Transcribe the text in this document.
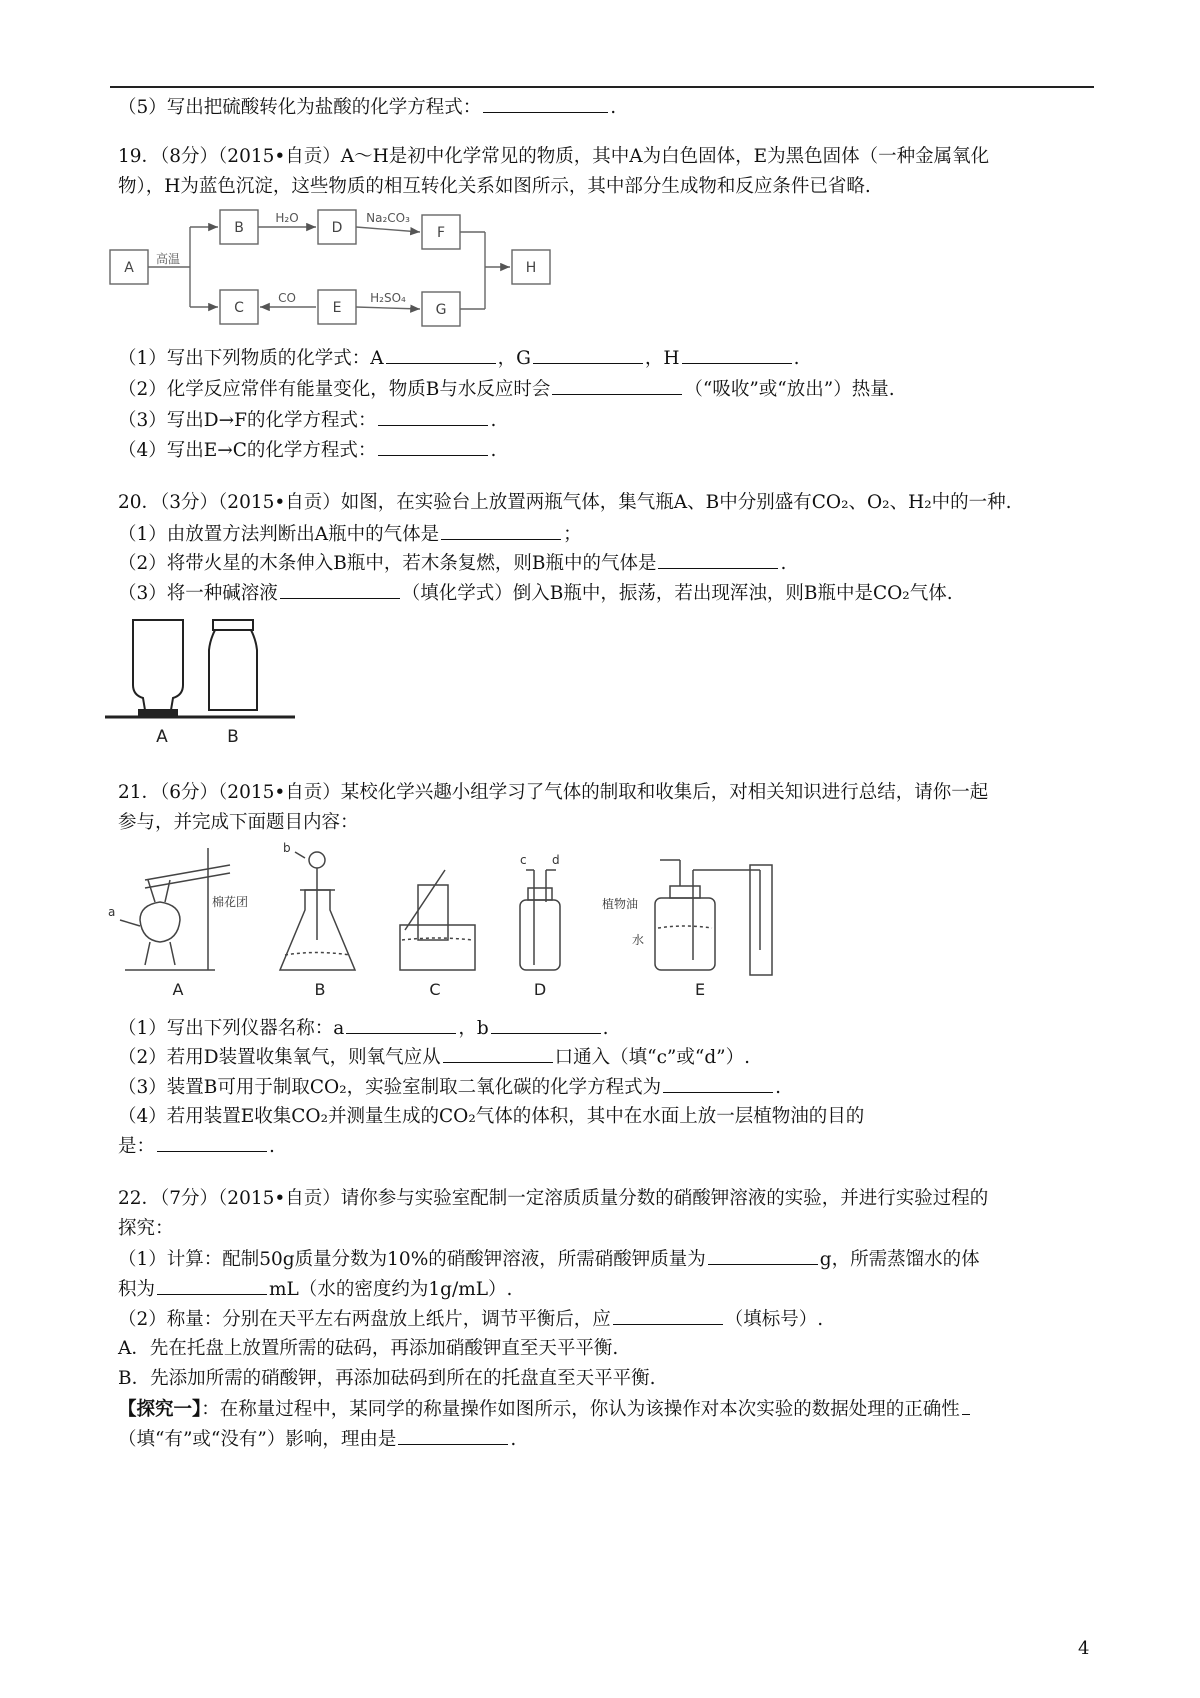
（5）写出把硫酸转化为盐酸的化学方程式：	.
19．（8分）（2015•自贡）A～H是初中化学常见的物质，其中A为白色固体，E为黑色固体（一种金属氧化
物），H为蓝色沉淀，这些物质的相互转化关系如图所示，其中部分生成物和反应条件已省略.
A
B
C
D
E
F
G
H
高温
H₂O	Na₂CO₃
CO	H₂SO₄
（1）写出下列物质的化学式：A	，G	，H	.
（2）化学反应常伴有能量变化，物质B与水反应时会	（“吸收”或“放出”）热量.
（3）写出D→F的化学方程式：	.
（4）写出E→C的化学方程式：	.
20．（3分）（2015•自贡）如图，在实验台上放置两瓶气体，集气瓶A、B中分别盛有CO₂、O₂、H₂中的一种.
（1）由放置方法判断出A瓶中的气体是	；
（2）将带火星的木条伸入B瓶中，若木条复燃，则B瓶中的气体是	.
（3）将一种碱溶液	（填化学式）倒入B瓶中，振荡，若出现浑浊，则B瓶中是CO₂气体.
A	B
21．（6分）（2015•自贡）某校化学兴趣小组学习了气体的制取和收集后，对相关知识进行总结，请你一起
参与，并完成下面题目内容：
a
b
c d
棉花团	植物油
水
A	B	C	D	E
（1）写出下列仪器名称：a	，b	.
（2）若用D装置收集氧气，则氧气应从	口通入（填“c”或“d”）.
（3）装置B可用于制取CO₂，实验室制取二氧化碳的化学方程式为	.
（4）若用装置E收集CO₂并测量生成的CO₂气体的体积，其中在水面上放一层植物油的目的
是：	.
22．（7分）（2015•自贡）请你参与实验室配制一定溶质质量分数的硝酸钾溶液的实验，并进行实验过程的
探究：
（1）计算：配制50g质量分数为10%的硝酸钾溶液，所需硝酸钾质量为	g，所需蒸馏水的体
积为	mL（水的密度约为1g/mL）.
（2）称量：分别在天平左右两盘放上纸片，调节平衡后，应	（填标号）.
A．先在托盘上放置所需的砝码，再添加硝酸钾直至天平平衡.
B．先添加所需的硝酸钾，再添加砝码到所在的托盘直至天平平衡.
【探究一】：在称量过程中，某同学的称量操作如图所示，你认为该操作对本次实验的数据处理的正确性
（填“有”或“没有”）影响，理由是	.
4
